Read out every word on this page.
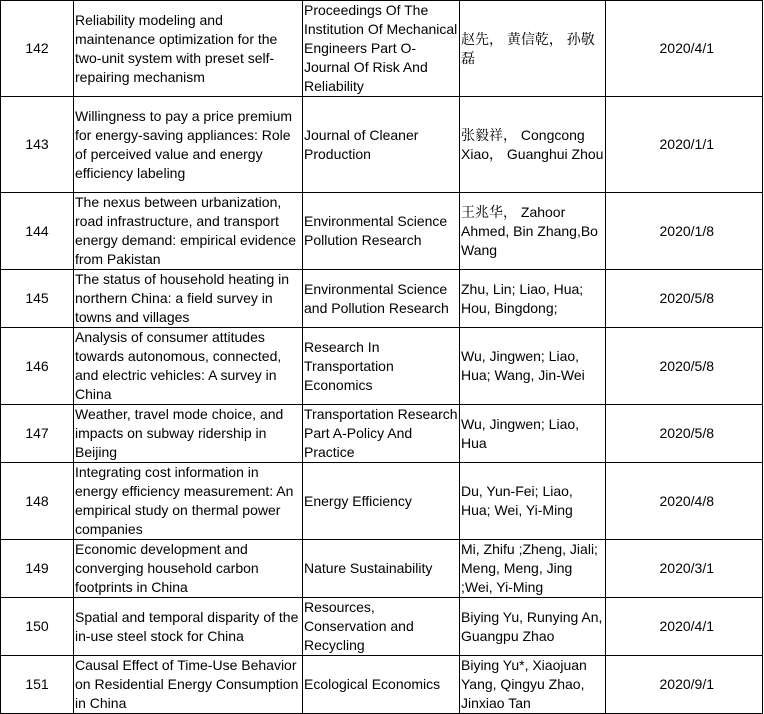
142	Reliability modeling and maintenance optimization for the two-unit system with preset self-repairing mechanism	Proceedings Of The Institution Of Mechanical Engineers Part O-Journal Of Risk And Reliability	赵先， 黄信乾， 孙敬磊	2020/4/1
143	Willingness to pay a price premium for energy-saving appliances: Role of perceived value and energy efficiency labeling	Journal of Cleaner Production	张毅祥， Congcong Xiao， Guanghui Zhou	2020/1/1
144	The nexus between urbanization, road infrastructure, and transport energy demand: empirical evidence from Pakistan	Environmental Science Pollution Research	王兆华， Zahoor Ahmed, Bin Zhang,Bo Wang	2020/1/8
145	The status of household heating in northern China: a field survey in towns and villages	Environmental Science and Pollution Research	Zhu, Lin; Liao, Hua; Hou, Bingdong;	2020/5/8
146	Analysis of consumer attitudes towards autonomous, connected, and electric vehicles: A survey in China	Research In Transportation Economics	Wu, Jingwen; Liao, Hua; Wang, Jin-Wei	2020/5/8
147	Weather, travel mode choice, and impacts on subway ridership in Beijing	Transportation Research Part A-Policy And Practice	Wu, Jingwen; Liao, Hua	2020/5/8
148	Integrating cost information in energy efficiency measurement: An empirical study on thermal power companies	Energy Efficiency	Du, Yun-Fei; Liao, Hua; Wei, Yi-Ming	2020/4/8
149	Economic development and converging household carbon footprints in China	Nature Sustainability	Mi, Zhifu ;Zheng, Jiali; Meng, Meng, Jing ;Wei, Yi-Ming	2020/3/1
150	Spatial and temporal disparity of the in-use steel stock for China	Resources, Conservation and Recycling	Biying Yu, Runying An, Guangpu Zhao	2020/4/1
151	Causal Effect of Time-Use Behavior on Residential Energy Consumption in China	Ecological Economics	Biying Yu*, Xiaojuan Yang, Qingyu Zhao, Jinxiao Tan	2020/9/1
